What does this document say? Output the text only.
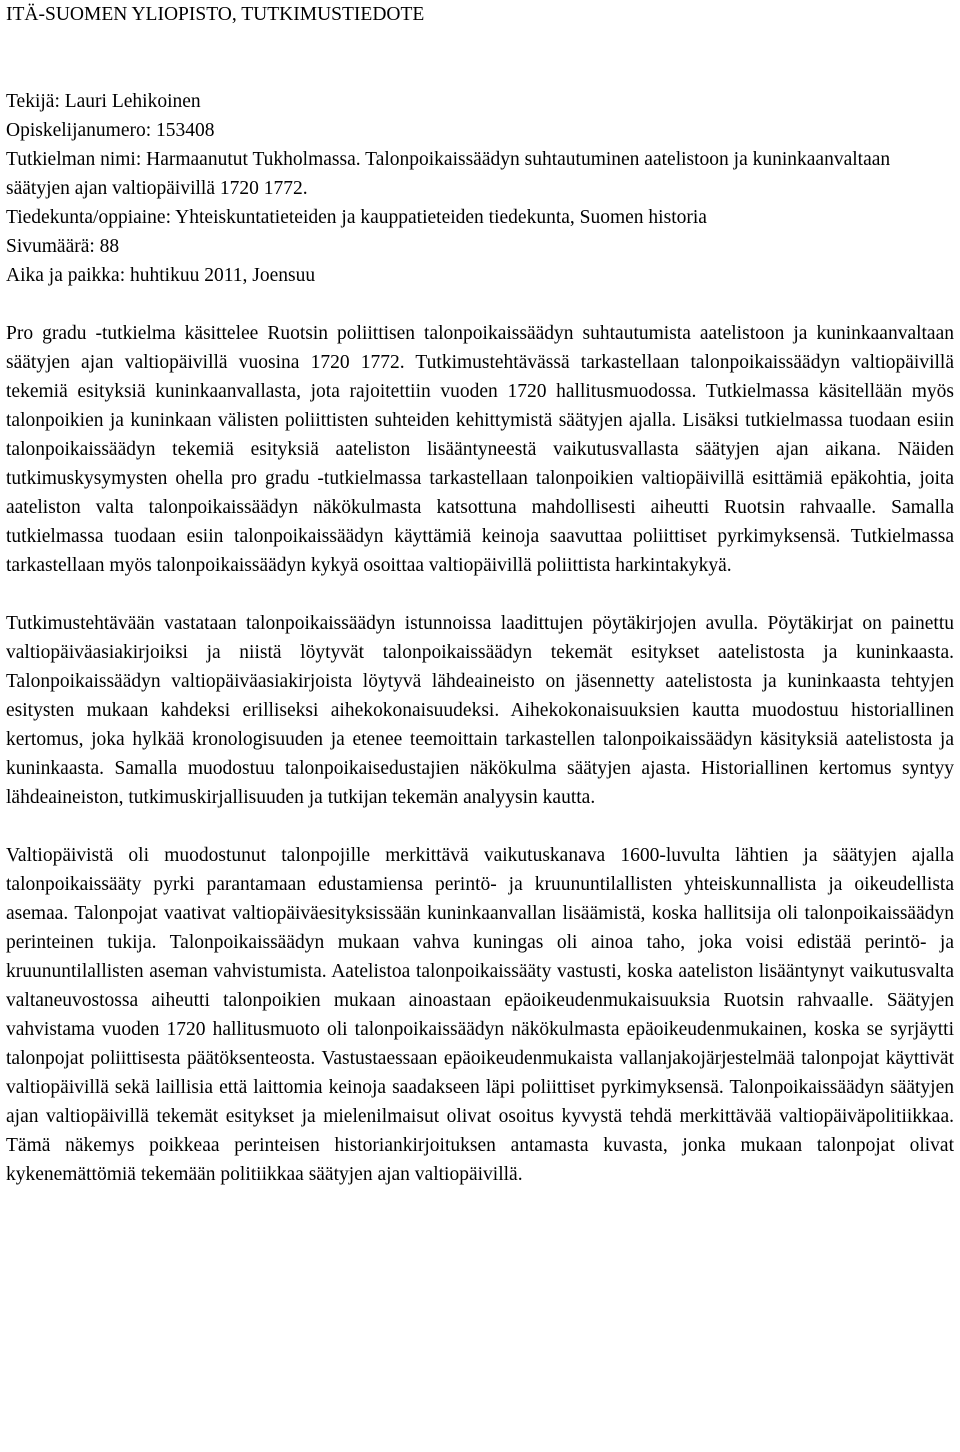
ITÄ-SUOMEN YLIOPISTO, TUTKIMUSTIEDOTE
Tekijä: Lauri Lehikoinen
Opiskelijanumero: 153408
Tutkielman nimi: Harmaanutut Tukholmassa. Talonpoikaissäädyn suhtautuminen aatelistoon ja kuninkaanvaltaan säätyjen ajan valtiopäivillä 1720 1772.
Tiedekunta/oppiaine: Yhteiskuntatieteiden ja kauppatieteiden tiedekunta, Suomen historia
Sivumäärä: 88
Aika ja paikka: huhtikuu 2011, Joensuu

Pro gradu -tutkielma käsittelee Ruotsin poliittisen talonpoikaissäädyn suhtautumista aatelistoon ja kuninkaanvaltaan säätyjen ajan valtiopäivillä vuosina 1720 1772. Tutkimustehtävässä tarkastellaan talonpoikaissäädyn valtiopäivillä tekemiä esityksiä kuninkaanvallasta, jota rajoitettiin vuoden 1720 hallitusmuodossa. Tutkielmassa käsitellään myös talonpoikien ja kuninkaan välisten poliittisten suhteiden kehittymistä säätyjen ajalla. Lisäksi tutkielmassa tuodaan esiin talonpoikaissäädyn tekemiä esityksiä aateliston lisääntyneestä vaikutusvallasta säätyjen ajan aikana. Näiden tutkimuskysymysten ohella pro gradu -tutkielmassa tarkastellaan talonpoikien valtiopäivillä esittämiä epäkohtia, joita aateliston valta talonpoikaissäädyn näkökulmasta katsottuna mahdollisesti aiheutti Ruotsin rahvaalle. Samalla tutkielmassa tuodaan esiin talonpoikaissäädyn käyttämiä keinoja saavuttaa poliittiset pyrkimyksensä. Tutkielmassa tarkastellaan myös talonpoikaissäädyn kykyä osoittaa valtiopäivillä poliittista harkintakykyä.

Tutkimustehtävään vastataan talonpoikaissäädyn istunnoissa laadittujen pöytäkirjojen avulla. Pöytäkirjat on painettu valtiopäiväasiakirjoiksi ja niistä löytyvät talonpoikaissäädyn tekemät esitykset aatelistosta ja kuninkaasta. Talonpoikaissäädyn valtiopäiväasiakirjoista löytyvä lähdeaineisto on jäsennetty aatelistosta ja kuninkaasta tehtyjen esitysten mukaan kahdeksi erilliseksi aihekokonaisuudeksi. Aihekokonaisuuksien kautta muodostuu historiallinen kertomus, joka hylkää kronologisuuden ja etenee teemoittain tarkastellen talonpoikaissäädyn käsityksiä aatelistosta ja kuninkaasta. Samalla muodostuu talonpoikaisedustajien näkökulma säätyjen ajasta. Historiallinen kertomus syntyy lähdeaineiston, tutkimuskirjallisuuden ja tutkijan tekemän analyysin kautta.

Valtiopäivistä oli muodostunut talonpojille merkittävä vaikutuskanava 1600-luvulta lähtien ja säätyjen ajalla talonpoikaissääty pyrki parantamaan edustamiensa perintö- ja kruununtilallisten yhteiskunnallista ja oikeudellista asemaa. Talonpojat vaativat valtiopäiväesityksissään kuninkaanvallan lisäämistä, koska hallitsija oli talonpoikaissäädyn perinteinen tukija. Talonpoikaissäädyn mukaan vahva kuningas oli ainoa taho, joka voisi edistää perintö- ja kruununtilallisten aseman vahvistumista. Aatelistoa talonpoikaissääty vastusti, koska aateliston lisääntynyt vaikutusvalta valtaneuvostossa aiheutti talonpoikien mukaan ainoastaan epäoikeudenmukaisuuksia Ruotsin rahvaalle. Säätyjen vahvistama vuoden 1720 hallitusmuoto oli talonpoikaissäädyn näkökulmasta epäoikeudenmukainen, koska se syrjäytti talonpojat poliittisesta päätöksenteosta. Vastustaessaan epäoikeudenmukaista vallanjakojärjestelmää talonpojat käyttivät valtiopäivillä sekä laillisia että laittomia keinoja saadakseen läpi poliittiset pyrkimyksensä. Talonpoikaissäädyn säätyjen ajan valtiopäivillä tekemät esitykset ja mielenilmaisut olivat osoitus kyvystä tehdä merkittävää valtiopäiväpolitiikkaa. Tämä näkemys poikkeaa perinteisen historiankirjoituksen antamasta kuvasta, jonka mukaan talonpojat olivat kykenemättömiä tekemään politiikkaa säätyjen ajan valtiopäivillä.
